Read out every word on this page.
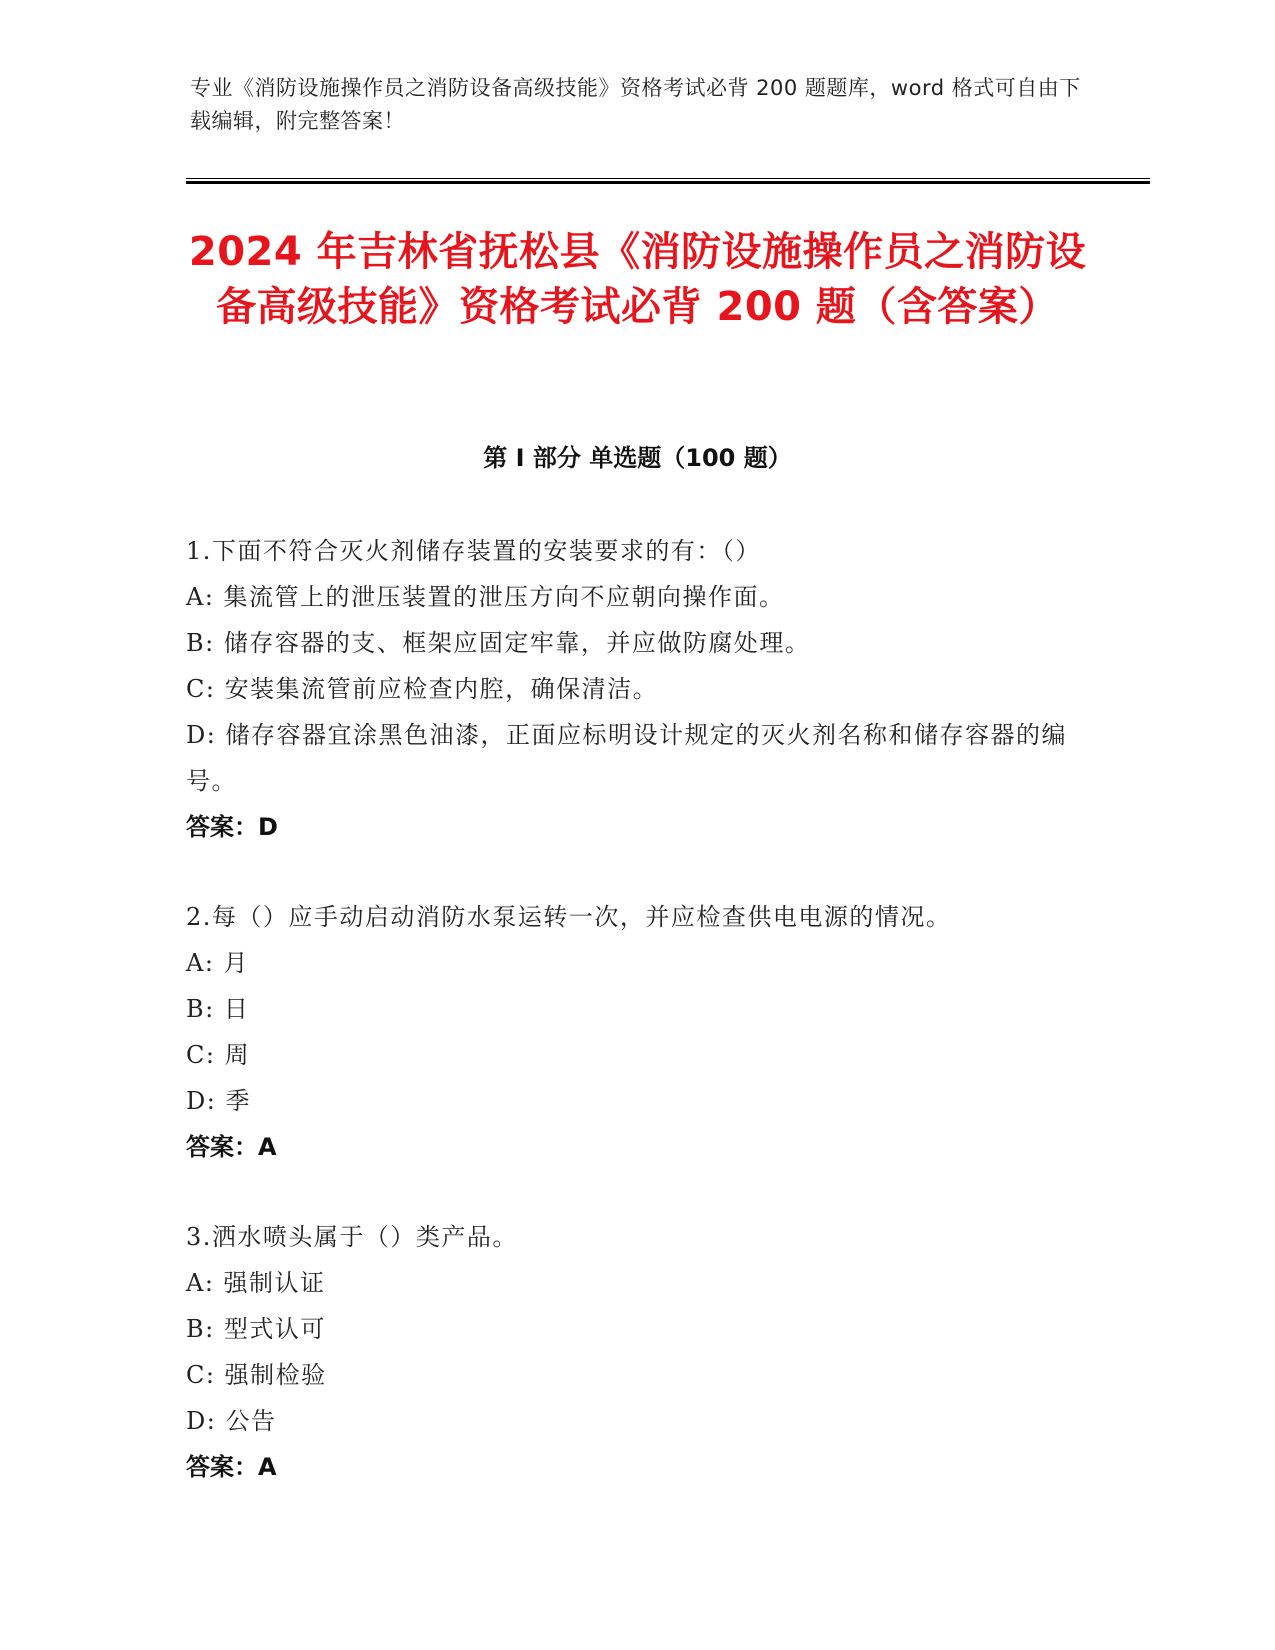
专业《消防设施操作员之消防设备高级技能》资格考试必背 200 题题库，word 格式可自由下载编辑，附完整答案！
2024 年吉林省抚松县《消防设施操作员之消防设备高级技能》资格考试必背 200 题（含答案）
第 I 部分 单选题（100 题）
1.下面不符合灭火剂储存装置的安装要求的有：（）
A: 集流管上的泄压装置的泄压方向不应朝向操作面。
B: 储存容器的支、框架应固定牢靠，并应做防腐处理。
C: 安装集流管前应检查内腔，确保清洁。
D: 储存容器宜涂黑色油漆，正面应标明设计规定的灭火剂名称和储存容器的编号。
答案：D
2.每（）应手动启动消防水泵运转一次，并应检查供电电源的情况。
A: 月
B: 日
C: 周
D: 季
答案：A
3.洒水喷头属于（）类产品。
A: 强制认证
B: 型式认可
C: 强制检验
D: 公告
答案：A
